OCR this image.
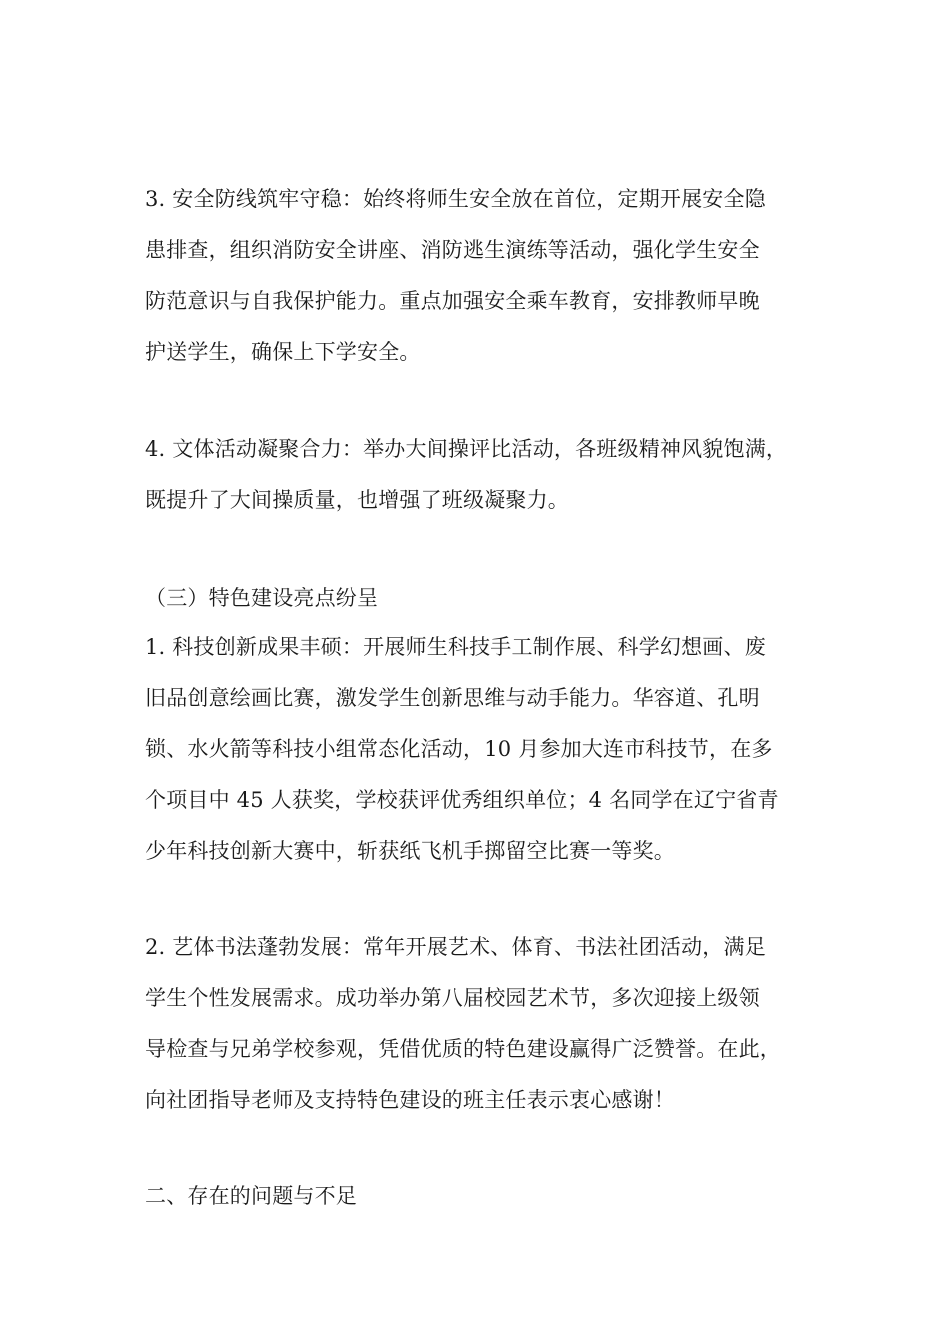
3. 安全防线筑牢守稳：始终将师生安全放在首位，定期开展安全隐
患排查，组织消防安全讲座、消防逃生演练等活动，强化学生安全
防范意识与自我保护能力。重点加强安全乘车教育，安排教师早晚
护送学生，确保上下学安全。
4. 文体活动凝聚合力：举办大间操评比活动，各班级精神风貌饱满，
既提升了大间操质量，也增强了班级凝聚力。
（三）特色建设亮点纷呈
1. 科技创新成果丰硕：开展师生科技手工制作展、科学幻想画、废
旧品创意绘画比赛，激发学生创新思维与动手能力。华容道、孔明
锁、水火箭等科技小组常态化活动，10 月参加大连市科技节，在多
个项目中 45 人获奖，学校获评优秀组织单位；4 名同学在辽宁省青
少年科技创新大赛中，斩获纸飞机手掷留空比赛一等奖。
2. 艺体书法蓬勃发展：常年开展艺术、体育、书法社团活动，满足
学生个性发展需求。成功举办第八届校园艺术节，多次迎接上级领
导检查与兄弟学校参观，凭借优质的特色建设赢得广泛赞誉。在此，
向社团指导老师及支持特色建设的班主任表示衷心感谢！
二、存在的问题与不足
